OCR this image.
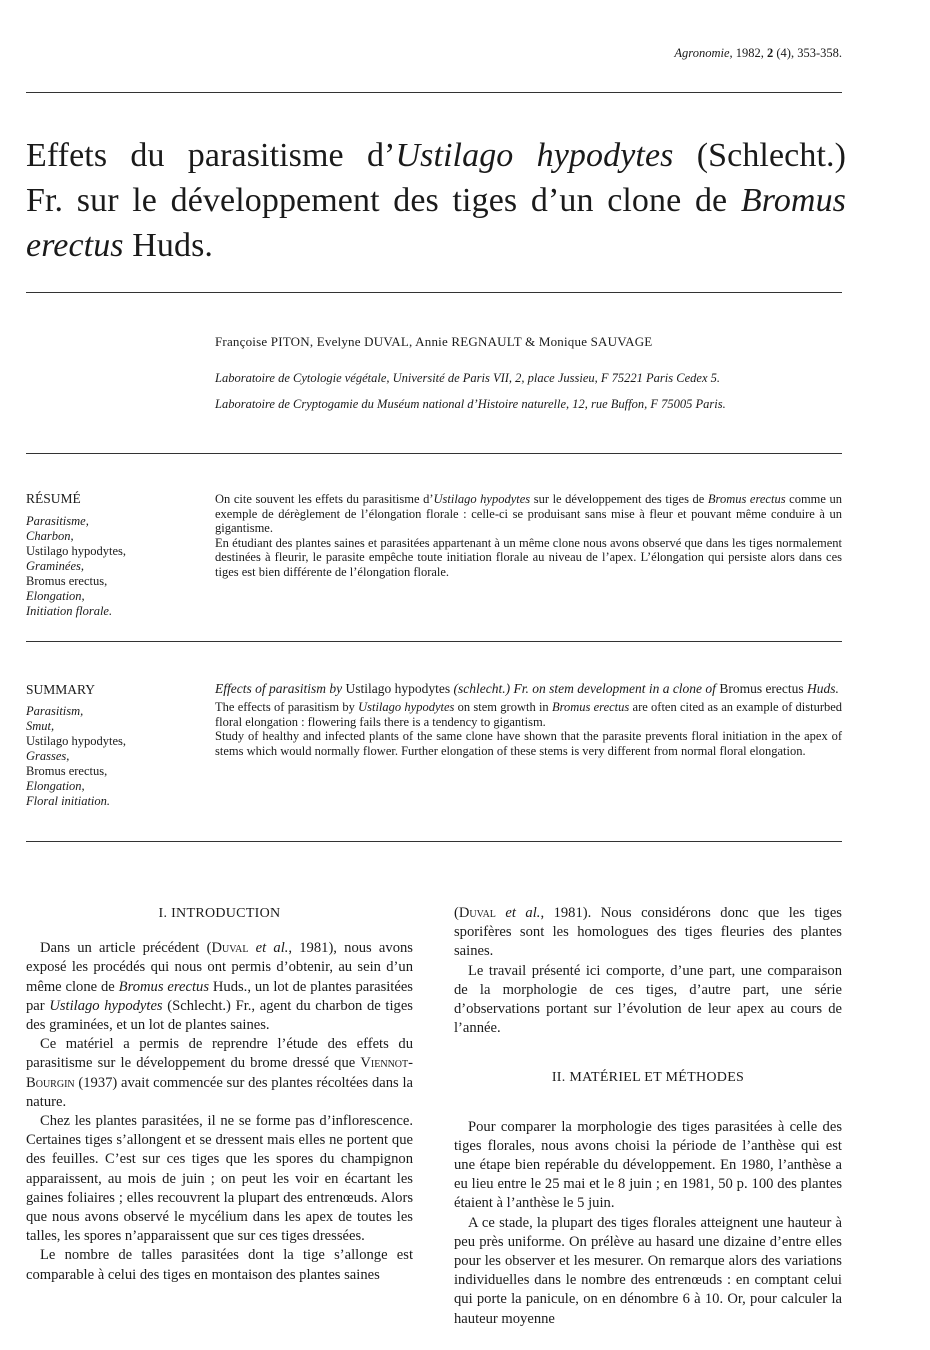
Agronomie, 1982, 2 (4), 353-358.
Effets du parasitisme d’Ustilago hypodytes (Schlecht.)
Fr. sur le développement des tiges d’un clone de Bromus
erectus Huds.
Françoise PITON, Evelyne DUVAL, Annie REGNAULT & Monique SAUVAGE
Laboratoire de Cytologie végétale, Université de Paris VII, 2, place Jussieu, F 75221 Paris Cedex 5.
Laboratoire de Cryptogamie du Muséum national d’Histoire naturelle, 12, rue Buffon, F 75005 Paris.
RÉSUMÉ
Parasitisme,
Charbon,
Ustilago hypodytes,
Graminées,
Bromus erectus,
Elongation,
Initiation florale.

On cite souvent les effets du parasitisme d’Ustilago hypodytes sur le développement des tiges de Bromus erectus comme un exemple de dérèglement de l’élongation florale : celle-ci se produisant sans mise à fleur et pouvant même conduire à un gigantisme.

En étudiant des plantes saines et parasitées appartenant à un même clone nous avons observé que dans les tiges normalement destinées à fleurir, le parasite empêche toute initiation florale au niveau de l’apex. L’élongation qui persiste alors dans ces tiges est bien différente de l’élongation florale.

SUMMARY
Parasitism,
Smut,
Ustilago hypodytes,
Grasses,
Bromus erectus,
Elongation,
Floral initiation.

Effects of parasitism by Ustilago hypodytes (schlecht.) Fr. on stem development in a clone of Bromus erectus Huds.

The effects of parasitism by Ustilago hypodytes on stem growth in Bromus erectus are often cited as an example of disturbed floral elongation : flowering fails there is a tendency to gigantism.

Study of healthy and infected plants of the same clone have shown that the parasite prevents floral initiation in the apex of stems which would normally flower. Further elongation of these stems is very different from normal floral elongation.

I. INTRODUCTION

Dans un article précédent (Duval et al., 1981), nous avons exposé les procédés qui nous ont permis d’obtenir, au sein d’un même clone de Bromus erectus Huds., un lot de plantes parasitées par Ustilago hypodytes (Schlecht.) Fr., agent du charbon de tiges des graminées, et un lot de plantes saines.

Ce matériel a permis de reprendre l’étude des effets du parasitisme sur le développement du brome dressé que Viennot-Bourgin (1937) avait commencée sur des plantes récoltées dans la nature.

Chez les plantes parasitées, il ne se forme pas d’inflorescence. Certaines tiges s’allongent et se dressent mais elles ne portent que des feuilles. C’est sur ces tiges que les spores du champignon apparaissent, au mois de juin ; on peut les voir en écartant les gaines foliaires ; elles recouvrent la plupart des entrenœuds. Alors que nous avons observé le mycélium dans les apex de toutes les talles, les spores n’apparaissent que sur ces tiges dressées.

Le nombre de talles parasitées dont la tige s’allonge est comparable à celui des tiges en montaison des plantes saines

(Duval et al., 1981). Nous considérons donc que les tiges sporifères sont les homologues des tiges fleuries des plantes saines.

Le travail présenté ici comporte, d’une part, une comparaison de la morphologie de ces tiges, d’autre part, une série d’observations portant sur l’évolution de leur apex au cours de l’année.

II. MATÉRIEL ET MÉTHODES

Pour comparer la morphologie des tiges parasitées à celle des tiges florales, nous avons choisi la période de l’anthèse qui est une étape bien repérable du développement. En 1980, l’anthèse a eu lieu entre le 25 mai et le 8 juin ; en 1981, 50 p. 100 des plantes étaient à l’anthèse le 5 juin.

A ce stade, la plupart des tiges florales atteignent une hauteur à peu près uniforme. On prélève au hasard une dizaine d’entre elles pour les observer et les mesurer. On remarque alors des variations individuelles dans le nombre des entrenœuds : en comptant celui qui porte la panicule, on en dénombre 6 à 10. Or, pour calculer la hauteur moyenne
